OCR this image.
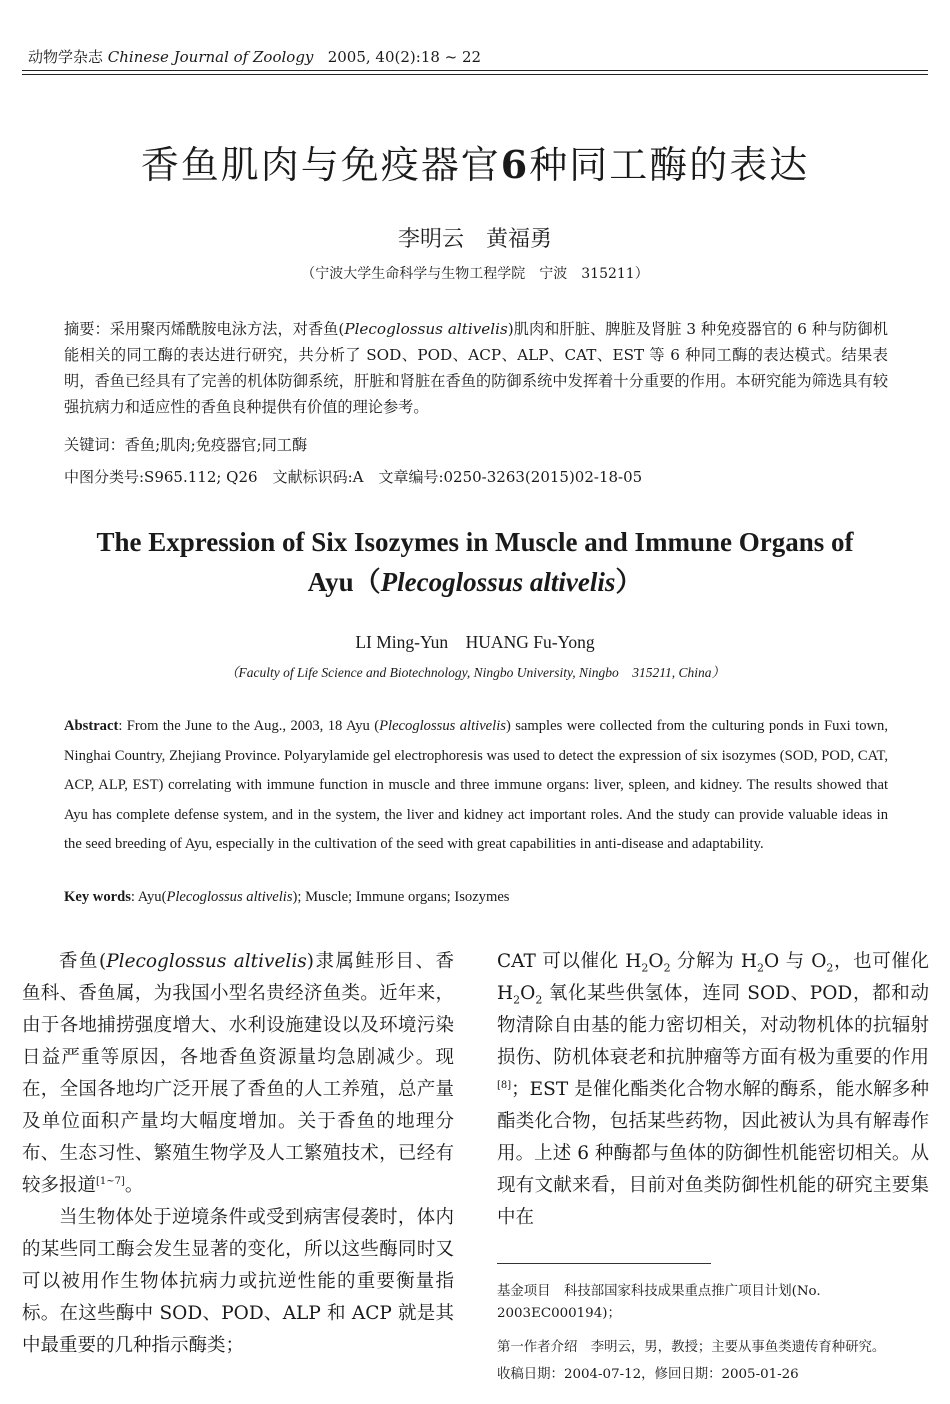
动物学杂志 Chinese Journal of Zoology 2005, 40(2):18 ~ 22
香鱼肌肉与免疫器官6种同工酶的表达
李明云　黄福勇
（宁波大学生命科学与生物工程学院　宁波　315211）
摘要：采用聚丙烯酰胺电泳方法，对香鱼(Plecoglossus altivelis)肌肉和肝脏、脾脏及肾脏 3 种免疫器官的 6 种与防御机能相关的同工酶的表达进行研究，共分析了 SOD、POD、ACP、ALP、CAT、EST 等 6 种同工酶的表达模式。结果表明，香鱼已经具有了完善的机体防御系统，肝脏和肾脏在香鱼的防御系统中发挥着十分重要的作用。本研究能为筛选具有较强抗病力和适应性的香鱼良种提供有价值的理论参考。
关键词：香鱼;肌肉;免疫器官;同工酶
中图分类号:S965.112; Q26　文献标识码:A　文章编号:0250-3263(2015)02-18-05
The Expression of Six Isozymes in Muscle and Immune Organs of
Ayu（Plecoglossus altivelis）
LI Ming-Yun　HUANG Fu-Yong
（Faculty of Life Science and Biotechnology, Ningbo University, Ningbo　315211, China）
Abstract: From the June to the Aug., 2003, 18 Ayu (Plecoglossus altivelis) samples were collected from the culturing ponds in Fuxi town, Ninghai Country, Zhejiang Province. Polyarylamide gel electrophoresis was used to detect the expression of six isozymes (SOD, POD, CAT, ACP, ALP, EST) correlating with immune function in muscle and three immune organs: liver, spleen, and kidney. The results showed that Ayu has complete defense system, and in the system, the liver and kidney act important roles. And the study can provide valuable ideas in the seed breeding of Ayu, especially in the cultivation of the seed with great capabilities in anti-disease and adaptability.
Key words: Ayu(Plecoglossus altivelis); Muscle; Immune organs; Isozymes

香鱼(Plecoglossus altivelis)隶属鲑形目、香鱼科、香鱼属，为我国小型名贵经济鱼类。近年来，由于各地捕捞强度增大、水利设施建设以及环境污染日益严重等原因，各地香鱼资源量均急剧减少。现在，全国各地均广泛开展了香鱼的人工养殖，总产量及单位面积产量均大幅度增加。关于香鱼的地理分布、生态习性、繁殖生物学及人工繁殖技术，已经有较多报道[1~7]。

当生物体处于逆境条件或受到病害侵袭时，体内的某些同工酶会发生显著的变化，所以这些酶同时又可以被用作生物体抗病力或抗逆性能的重要衡量指标。在这些酶中 SOD、POD、ALP 和 ACP 就是其中最重要的几种指示酶类；

CAT 可以催化 $H_2O_2$ 分解为 $H_2O$ 与 $O_2$，也可催化 $H_2O_2$ 氧化某些供氢体，连同 SOD、POD，都和动物清除自由基的能力密切相关，对动物机体的抗辐射损伤、防机体衰老和抗肿瘤等方面有极为重要的作用[8]；EST 是催化酯类化合物水解的酶系，能水解多种酯类化合物，包括某些药物，因此被认为具有解毒作用。上述 6 种酶都与鱼体的防御性机能密切相关。从现有文献来看，目前对鱼类防御性机能的研究主要集中在

基金项目　科技部国家科技成果重点推广项目计划(No. 2003EC000194)；
第一作者介绍　李明云，男，教授；主要从事鱼类遗传育种研究。
收稿日期：2004-07-12，修回日期：2005-01-26
